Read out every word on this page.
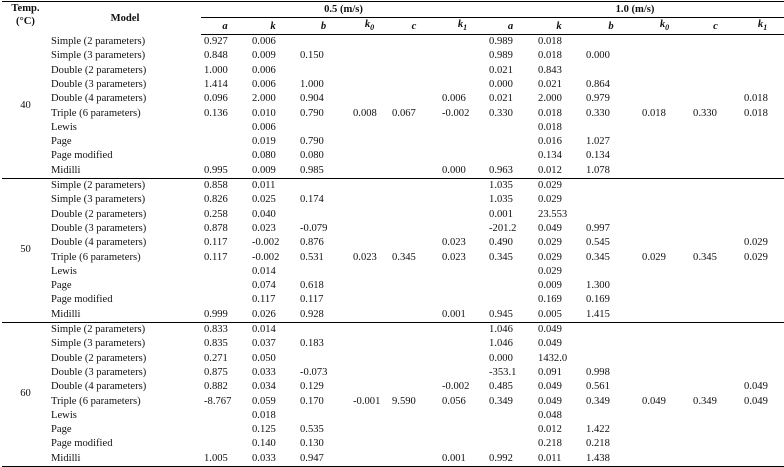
Temp.
(°C)	Model	0.5 (m/s)						1.0 (m/s)					
		a	k	b	$k_0$	c	$k_1$	a	k	b	$k_0$	c	$k_1$
40	Simple (2 parameters)	0.927	0.006					0.989	0.018				
	Simple (3 parameters)	0.848	0.009	0.150				0.989	0.018	0.000			
	Double (2 parameters)	1.000	0.006					0.021	0.843				
	Double (3 parameters)	1.414	0.006	1.000				0.000	0.021	0.864			
	Double (4 parameters)	0.096	2.000	0.904			0.006	0.021	2.000	0.979			0.018
	Triple (6 parameters)	0.136	0.010	0.790	0.008	0.067	-0.002	0.330	0.018	0.330	0.018	0.330	0.018
	Lewis		0.006						0.018				
	Page		0.019	0.790					0.016	1.027			
	Page modified		0.080	0.080					0.134	0.134			
	Midilli	0.995	0.009	0.985			0.000	0.963	0.012	1.078			
50	Simple (2 parameters)	0.858	0.011					1.035	0.029				
	Simple (3 parameters)	0.826	0.025	0.174				1.035	0.029				
	Double (2 parameters)	0.258	0.040					0.001	23.553				
	Double (3 parameters)	0.878	0.023	-0.079				-201.2	0.049	0.997			
	Double (4 parameters)	0.117	-0.002	0.876			0.023	0.490	0.029	0.545			0.029
	Triple (6 parameters)	0.117	-0.002	0.531	0.023	0.345	0.023	0.345	0.029	0.345	0.029	0.345	0.029
	Lewis		0.014						0.029				
	Page		0.074	0.618					0.009	1.300			
	Page modified		0.117	0.117					0.169	0.169			
	Midilli	0.999	0.026	0.928			0.001	0.945	0.005	1.415			
60	Simple (2 parameters)	0.833	0.014					1.046	0.049				
	Simple (3 parameters)	0.835	0.037	0.183				1.046	0.049				
	Double (2 parameters)	0.271	0.050					0.000	1432.0				
	Double (3 parameters)	0.875	0.033	-0.073				-353.1	0.091	0.998			
	Double (4 parameters)	0.882	0.034	0.129			-0.002	0.485	0.049	0.561			0.049
	Triple (6 parameters)	-8.767	0.059	0.170	-0.001	9.590	0.056	0.349	0.049	0.349	0.049	0.349	0.049
	Lewis		0.018						0.048				
	Page		0.125	0.535					0.012	1.422			
	Page modified		0.140	0.130					0.218	0.218			
	Midilli	1.005	0.033	0.947			0.001	0.992	0.011	1.438			
